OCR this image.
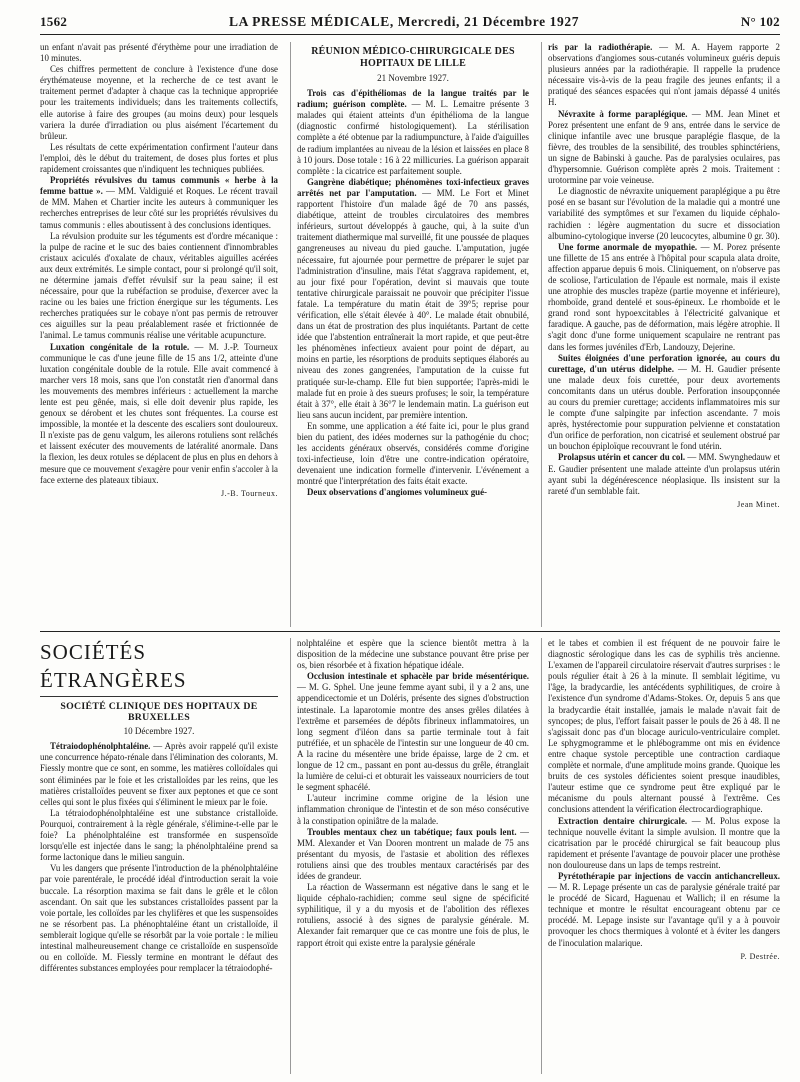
1562	LA PRESSE MÉDICALE, Mercredi, 21 Décembre 1927	N° 102

un enfant n'avait pas présenté d'érythème pour une irradiation de 10 minutes.

Ces chiffres permettent de conclure à l'existence d'une dose érythémateuse moyenne, et la recherche de ce test avant le traitement permet d'adapter à chaque cas la technique appropriée pour les traitements individuels; dans les traitements collectifs, elle autorise à faire des groupes (au moins deux) pour lesquels variera la durée d'irradiation ou plus aisément l'écartement du brûleur.

Les résultats de cette expérimentation confirment l'auteur dans l'emploi, dès le début du traitement, de doses plus fortes et plus rapidement croissantes que n'indiquent les techniques publiées.

Propriétés révulsives du tamus communis « herbe à la femme battue ». — MM. Valdiguié et Roques. Le récent travail de MM. Mahen et Chartier incite les auteurs à communiquer les recherches entreprises de leur côté sur les propriétés révulsives du tamus communis : elles aboutissent à des conclusions identiques.

La révulsion produite sur les téguments est d'ordre mécanique : la pulpe de racine et le suc des baies contiennent d'innombrables cristaux aciculés d'oxalate de chaux, véritables aiguilles acérées aux deux extrémités. Le simple contact, pour si prolongé qu'il soit, ne détermine jamais d'effet révulsif sur la peau saine; il est nécessaire, pour que la rubéfaction se produise, d'exercer avec la racine ou les baies une friction énergique sur les téguments. Les recherches pratiquées sur le cobaye n'ont pas permis de retrouver ces aiguilles sur la peau préalablement rasée et frictionnée de l'animal. Le tamus communis réalise une véritable acupuncture.

Luxation congénitale de la rotule. — M. J.-P. Tourneux communique le cas d'une jeune fille de 15 ans 1/2, atteinte d'une luxation congénitale double de la rotule. Elle avait commencé à marcher vers 18 mois, sans que l'on constatât rien d'anormal dans les mouvements des membres inférieurs : actuellement la marche lente est peu gênée, mais, si elle doit devenir plus rapide, les genoux se dérobent et les chutes sont fréquentes. La course est impossible, la montée et la descente des escaliers sont douloureux. Il n'existe pas de genu valgum, les ailerons rotuliens sont relâchés et laissent exécuter des mouvements de latéralité anormale. Dans la flexion, les deux rotules se déplacent de plus en plus en dehors à mesure que ce mouvement s'exagère pour venir enfin s'accoler à la face externe des plateaux tibiaux.

J.-B. Tourneux.
RÉUNION MÉDICO-CHIRURGICALE DES HOPITAUX DE LILLE
21 Novembre 1927.

Trois cas d'épithéliomas de la langue traités par le radium; guérison complète. — M. L. Lemaitre présente 3 malades qui étaient atteints d'un épithélioma de la langue (diagnostic confirmé histologiquement). La stérilisation complète a été obtenue par la radiumpuncture, à l'aide d'aiguilles de radium implantées au niveau de la lésion et laissées en place 8 à 10 jours. Dose totale : 16 à 22 millicuries. La guérison apparait complète : la cicatrice est parfaitement souple.

Gangrène diabétique; phénomènes toxi-infectieux graves arrêtés net par l'amputation. — MM. Le Fort et Minet rapportent l'histoire d'un malade âgé de 70 ans passés, diabétique, atteint de troubles circulatoires des membres inférieurs, surtout développés à gauche, qui, à la suite d'un traitement diathermique mal surveillé, fit une poussée de plaques gangreneuses au niveau du pied gauche. L'amputation, jugée nécessaire, fut ajournée pour permettre de préparer le sujet par l'administration d'insuline, mais l'état s'aggrava rapidement, et, au jour fixé pour l'opération, devint si mauvais que toute tentative chirurgicale paraissait ne pouvoir que précipiter l'issue fatale. La température du matin était de 39°5; reprise pour vérification, elle s'était élevée à 40°. Le malade était obnubilé, dans un état de prostration des plus inquiétants. Partant de cette idée que l'abstention entraînerait la mort rapide, et que peut-être les phénomènes infectieux avaient pour point de départ, au moins en partie, les résorptions de produits septiques élaborés au niveau des zones gangrenées, l'amputation de la cuisse fut pratiquée sur-le-champ. Elle fut bien supportée; l'après-midi le malade fut en proie à des sueurs profuses; le soir, la température était à 37°, elle était à 36°7 le lendemain matin. La guérison eut lieu sans aucun incident, par première intention.

En somme, une application a été faite ici, pour le plus grand bien du patient, des idées modernes sur la pathogénie du choc; les accidents généraux observés, considérés comme d'origine toxi-infectieuse, loin d'être une contre-indication opératoire, devenaient une indication formelle d'intervenir. L'événement a montré que l'interprétation des faits était exacte.

Deux observations d'angiomes volumineux gué-

ris par la radiothérapie. — M. A. Hayem rapporte 2 observations d'angiomes sous-cutanés volumineux guéris depuis plusieurs années par la radiothérapie. Il rappelle la prudence nécessaire vis-à-vis de la peau fragile des jeunes enfants; il a pratiqué des séances espacées qui n'ont jamais dépassé 4 unités H.

Névraxite à forme paraplégique. — MM. Jean Minet et Porez présentent une enfant de 9 ans, entrée dans le service de clinique infantile avec une brusque paraplégie flasque, de la fièvre, des troubles de la sensibilité, des troubles sphinctériens, un signe de Babinski à gauche. Pas de paralysies oculaires, pas d'hypersomnie. Guérison complète après 2 mois. Traitement : urotormine par voie veineuse.

Le diagnostic de névraxite uniquement paraplégique a pu être posé en se basant sur l'évolution de la maladie qui a montré une variabilité des symptômes et sur l'examen du liquide céphalo-rachidien : légère augmentation du sucre et dissociation albumino-cytologique inverse (20 leucocytes, albumine 0 gr. 30).

Une forme anormale de myopathie. — M. Porez présente une fillette de 15 ans entrée à l'hôpital pour scapula alata droite, affection apparue depuis 6 mois. Cliniquement, on n'observe pas de scoliose, l'articulation de l'épaule est normale, mais il existe une atrophie des muscles trapèze (partie moyenne et inférieure), rhomboïde, grand dentelé et sous-épineux. Le rhomboïde et le grand rond sont hypoexcitables à l'électricité galvanique et faradique. A gauche, pas de déformation, mais légère atrophie. Il s'agit donc d'une forme uniquement scapulaire ne rentrant pas dans les formes juvéniles d'Erb, Landouzy, Dejerine.

Suites éloignées d'une perforation ignorée, au cours du curettage, d'un utérus didelphe. — M. H. Gaudier présente une malade deux fois curettée, pour deux avortements concomitants dans un utérus double. Perforation insoupçonnée au cours du premier curettage; accidents inflammatoires mis sur le compte d'une salpingite par infection ascendante. 7 mois après, hystérectomie pour suppuration pelvienne et constatation d'un orifice de perforation, non cicatrisé et seulement obstrué par un bouchon épiploïque recouvrant le fond utérin.

Prolapsus utérin et cancer du col. — MM. Swynghedauw et E. Gaudier présentent une malade atteinte d'un prolapsus utérin ayant subi la dégénérescence néoplasique. Ils insistent sur la rareté d'un semblable fait.

Jean Minet.
SOCIÉTÉS ÉTRANGÈRES
SOCIÉTÉ CLINIQUE DES HOPITAUX DE BRUXELLES
10 Décembre 1927.

Tétraiodophénolphtaléine. — Après avoir rappelé qu'il existe une concurrence hépato-rénale dans l'élimination des colorants, M. Fiessly montre que ce sont, en somme, les matières colloïdales qui sont éliminées par le foie et les cristalloïdes par les reins, que les matières cristalloïdes peuvent se fixer aux peptones et que ce sont celles qui sont le plus fixées qui s'éliminent le mieux par le foie.

La tétraiodophénolphtaléine est une substance cristalloïde. Pourquoi, contrairement à la règle générale, s'élimine-t-elle par le foie? La phénolphtaléine est transformée en suspensoïde lorsqu'elle est injectée dans le sang; la phénolphtaléine prend sa forme lactonique dans le milieu sanguin.

Vu les dangers que présente l'introduction de la phénolphtaléine par voie parentérale, le procédé idéal d'introduction serait la voie buccale. La résorption maxima se fait dans le grêle et le côlon ascendant. On sait que les substances cristalloïdes passent par la voie portale, les colloïdes par les chylifères et que les suspensoïdes ne se résorbent pas. La phénophtaléine étant un cristalloïde, il semblerait logique qu'elle se résorbât par la voie portale : le milieu intestinal malheureusement change ce cristalloïde en suspensoïde ou en colloïde. M. Fiessly termine en montrant le défaut des différentes substances employées pour remplacer la tétraiodophé-

nolphtaléine et espère que la science bientôt mettra à la disposition de la médecine une substance pouvant être prise per os, bien résorbée et à fixation hépatique idéale.

Occlusion intestinale et sphacèle par bride mésentérique. — M. G. Sphel. Une jeune femme ayant subi, il y a 2 ans, une appendicectomie et un Doléris, présente des signes d'obstruction intestinale. La laparotomie montre des anses grêles dilatées à l'extrême et parsemées de dépôts fibrineux inflammatoires, un long segment d'iléon dans sa partie terminale tout à fait putréfiée, et un sphacèle de l'intestin sur une longueur de 40 cm. A la racine du mésentère une bride épaisse, large de 2 cm. et longue de 12 cm., passant en pont au-dessus du grêle, étranglait la lumière de celui-ci et obturait les vaisseaux nourriciers de tout le segment sphacélé.

L'auteur incrimine comme origine de la lésion une inflammation chronique de l'intestin et de son méso consécutive à la constipation opiniâtre de la malade.

Troubles mentaux chez un tabétique; faux pouls lent. — MM. Alexander et Van Dooren montrent un malade de 75 ans présentant du myosis, de l'astasie et abolition des réflexes rotuliens ainsi que des troubles mentaux caractérisés par des idées de grandeur.

La réaction de Wassermann est négative dans le sang et le liquide céphalo-rachidien; comme seul signe de spécificité syphilitique, il y a du myosis et de l'abolition des réflexes rotuliens, associé à des signes de paralysie générale. M. Alexander fait remarquer que ce cas montre une fois de plus, le rapport étroit qui existe entre la paralysie générale

et le tabes et combien il est fréquent de ne pouvoir faire le diagnostic sérologique dans les cas de syphilis très ancienne. L'examen de l'appareil circulatoire réservait d'autres surprises : le pouls régulier était à 26 à la minute. Il semblait légitime, vu l'âge, la bradycardie, les antécédents syphilitiques, de croire à l'existence d'un syndrome d'Adams-Stokes. Or, depuis 5 ans que la bradycardie était installée, jamais le malade n'avait fait de syncopes; de plus, l'effort faisait passer le pouls de 26 à 48. Il ne s'agissait donc pas d'un blocage auriculo-ventriculaire complet. Le sphygmogramme et le phlébogramme ont mis en évidence entre chaque systole perceptible une contraction cardiaque complète et normale, d'une amplitude moins grande. Quoique les bruits de ces systoles déficientes soient presque inaudibles, l'auteur estime que ce syndrome peut être expliqué par le mécanisme du pouls alternant poussé à l'extrême. Ces conclusions attendent la vérification électrocardiographique.

Extraction dentaire chirurgicale. — M. Polus expose la technique nouvelle évitant la simple avulsion. Il montre que la cicatrisation par le procédé chirurgical se fait beaucoup plus rapidement et présente l'avantage de pouvoir placer une prothèse non douloureuse dans un laps de temps restreint.

Pyrétothérapie par injections de vaccin antichancrelleux. — M. R. Lepage présente un cas de paralysie générale traité par le procédé de Sicard, Haguenau et Wallich; il en résume la technique et montre le résultat encourageant obtenu par ce procédé. M. Lepage insiste sur l'avantage qu'il y a à pouvoir provoquer les chocs thermiques à volonté et à éviter les dangers de l'inoculation malarique.

P. Destrée.
